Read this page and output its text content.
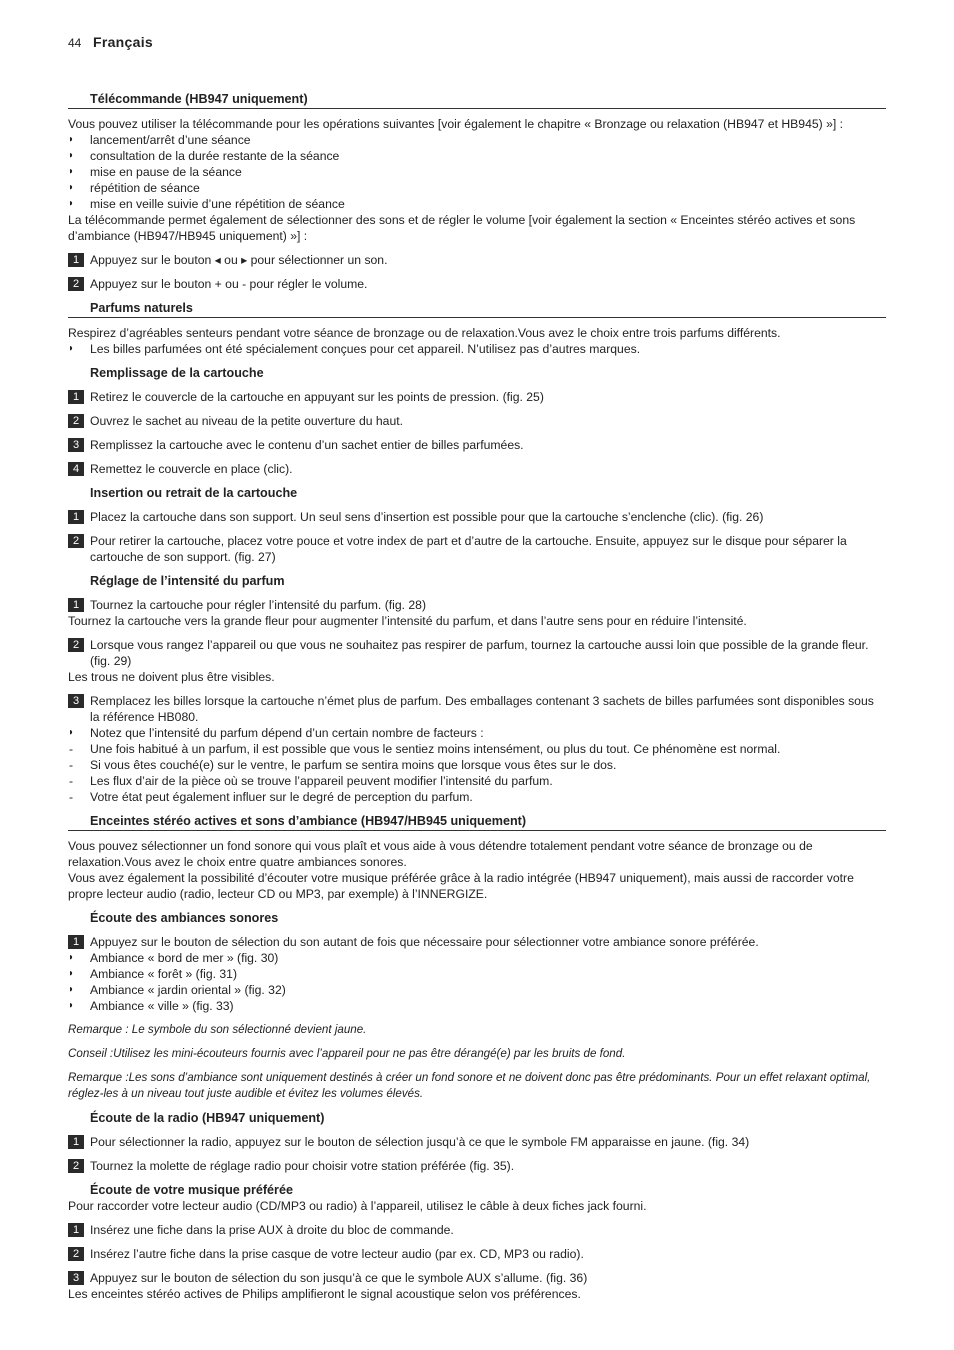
44 Français
Télécommande (HB947 uniquement)

Vous pouvez utiliser la télécommande pour les opérations suivantes [voir également le chapitre « Bronzage ou relaxation (HB947 et HB945) »] :

◗ lancement/arrêt d’une séance
◗ consultation de la durée restante de la séance
◗ mise en pause de la séance
◗ répétition de séance
◗ mise en veille suivie d’une répétition de séance

La télécommande permet également de sélectionner des sons et de régler le volume [voir également la section « Enceintes stéréo actives et sons d’ambiance (HB947/HB945 uniquement) »] :

1 Appuyez sur le bouton ◂ ou ▸ pour sélectionner un son.
2 Appuyez sur le bouton + ou - pour régler le volume.
Parfums naturels

Respirez d’agréables senteurs pendant votre séance de bronzage ou de relaxation.Vous avez le choix entre trois parfums différents.

◗ Les billes parfumées ont été spécialement conçues pour cet appareil. N’utilisez pas d’autres marques.
Remplissage de la cartouche
1 Retirez le couvercle de la cartouche en appuyant sur les points de pression. (fig. 25)
2 Ouvrez le sachet au niveau de la petite ouverture du haut.
3 Remplissez la cartouche avec le contenu d’un sachet entier de billes parfumées.
4 Remettez le couvercle en place (clic).
Insertion ou retrait de la cartouche
1 Placez la cartouche dans son support. Un seul sens d’insertion est possible pour que la cartouche s’enclenche (clic). (fig. 26)
2 Pour retirer la cartouche, placez votre pouce et votre index de part et d’autre de la cartouche. Ensuite, appuyez sur le disque pour séparer la cartouche de son support. (fig. 27)
Réglage de l’intensité du parfum
1 Tournez la cartouche pour régler l’intensité du parfum. (fig. 28)

Tournez la cartouche vers la grande fleur pour augmenter l’intensité du parfum, et dans l’autre sens pour en réduire l’intensité.

2 Lorsque vous rangez l’appareil ou que vous ne souhaitez pas respirer de parfum, tournez la cartouche aussi loin que possible de la grande fleur. (fig. 29)

Les trous ne doivent plus être visibles.

3 Remplacez les billes lorsque la cartouche n’émet plus de parfum. Des emballages contenant 3 sachets de billes parfumées sont disponibles sous la référence HB080.
◗ Notez que l’intensité du parfum dépend d’un certain nombre de facteurs :
- Une fois habitué à un parfum, il est possible que vous le sentiez moins intensément, ou plus du tout. Ce phénomène est normal.
- Si vous êtes couché(e) sur le ventre, le parfum se sentira moins que lorsque vous êtes sur le dos.
- Les flux d’air de la pièce où se trouve l’appareil peuvent modifier l’intensité du parfum.
- Votre état peut également influer sur le degré de perception du parfum.
Enceintes stéréo actives et sons d’ambiance (HB947/HB945 uniquement)

Vous pouvez sélectionner un fond sonore qui vous plaît et vous aide à vous détendre totalement pendant votre séance de bronzage ou de relaxation.Vous avez le choix entre quatre ambiances sonores.

Vous avez également la possibilité d’écouter votre musique préférée grâce à la radio intégrée (HB947 uniquement), mais aussi de raccorder votre propre lecteur audio (radio, lecteur CD ou MP3, par exemple) à l’INNERGIZE.

Écoute des ambiances sonores
1 Appuyez sur le bouton de sélection du son autant de fois que nécessaire pour sélectionner votre ambiance sonore préférée.
◗ Ambiance « bord de mer » (fig. 30)
◗ Ambiance « forêt » (fig. 31)
◗ Ambiance « jardin oriental » (fig. 32)
◗ Ambiance « ville » (fig. 33)

Remarque : Le symbole du son sélectionné devient jaune.

Conseil :Utilisez les mini-écouteurs fournis avec l’appareil pour ne pas être dérangé(e) par les bruits de fond.

Remarque :Les sons d’ambiance sont uniquement destinés à créer un fond sonore et ne doivent donc pas être prédominants. Pour un effet relaxant optimal, réglez-les à un niveau tout juste audible et évitez les volumes élevés.

Écoute de la radio (HB947 uniquement)
1 Pour sélectionner la radio, appuyez sur le bouton de sélection jusqu’à ce que le symbole FM apparaisse en jaune. (fig. 34)
2 Tournez la molette de réglage radio pour choisir votre station préférée (fig. 35).
Écoute de votre musique préférée

Pour raccorder votre lecteur audio (CD/MP3 ou radio) à l’appareil, utilisez le câble à deux fiches jack fourni.

1 Insérez une fiche dans la prise AUX à droite du bloc de commande.
2 Insérez l’autre fiche dans la prise casque de votre lecteur audio (par ex. CD, MP3 ou radio).
3 Appuyez sur le bouton de sélection du son jusqu’à ce que le symbole AUX s’allume. (fig. 36)

Les enceintes stéréo actives de Philips amplifieront le signal acoustique selon vos préférences.
